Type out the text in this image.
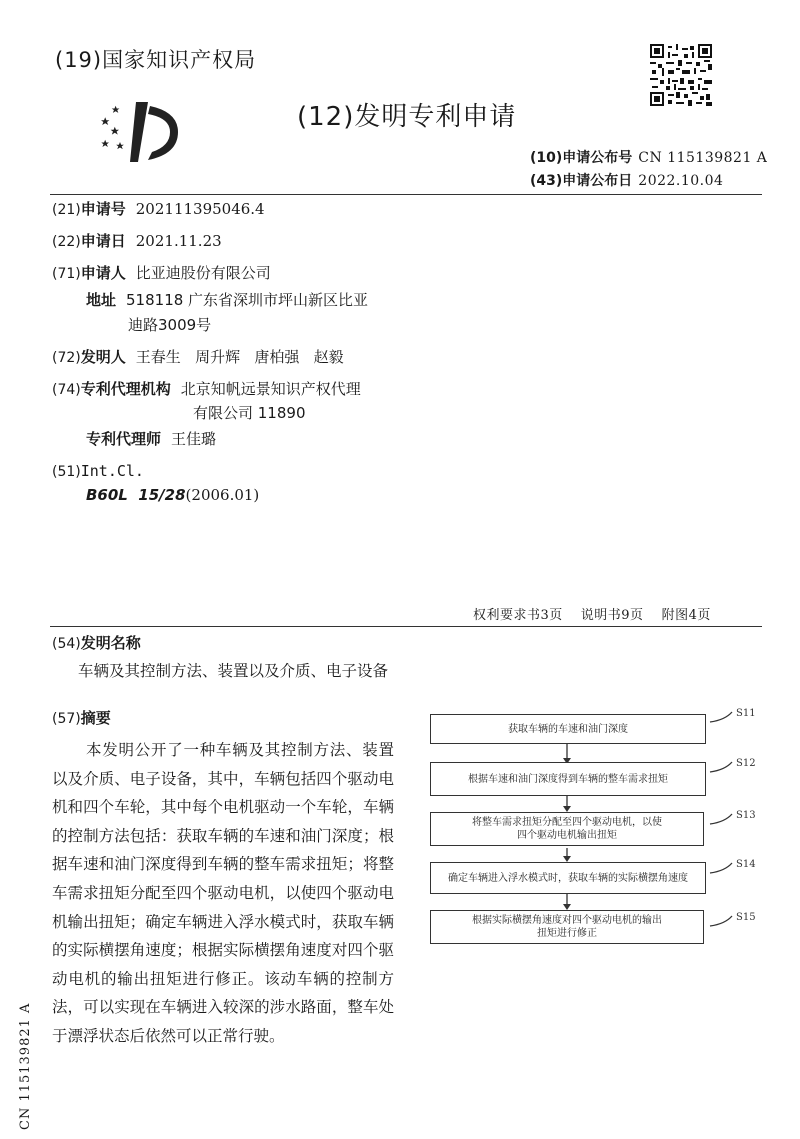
(19)国家知识产权局
(12)发明专利申请
(10)申请公布号 CN 115139821 A
(43)申请公布日 2022.10.04
(21)申请号 202111395046.4
(22)申请日 2021.11.23
(71)申请人 比亚迪股份有限公司
地址 518118 广东省深圳市坪山新区比亚
迪路3009号
(72)发明人 王春生   周升辉   唐柏强   赵毅
(74)专利代理机构 北京知帆远景知识产权代理
有限公司 11890
专利代理师 王佳璐
(51)Int.Cl.
B60L  15/28(2006.01)
权利要求书3页 说明书9页 附图4页
(54)发明名称
车辆及其控制方法、装置以及介质、电子设备
(57)摘要
本发明公开了一种车辆及其控制方法、装置以及介质、电子设备，其中，车辆包括四个驱动电机和四个车轮，其中每个电机驱动一个车轮，车辆的控制方法包括：获取车辆的车速和油门深度；根据车速和油门深度得到车辆的整车需求扭矩；将整车需求扭矩分配至四个驱动电机，以使四个驱动电机输出扭矩；确定车辆进入浮水模式时，获取车辆的实际横摆角速度；根据实际横摆角速度对四个驱动电机的输出扭矩进行修正。该动车辆的控制方法，可以实现在车辆进入较深的涉水路面，整车处于漂浮状态后依然可以正常行驶。
获取车辆的车速和油门深度
根据车速和油门深度得到车辆的整车需求扭矩
将整车需求扭矩分配至四个驱动电机，以使四个驱动电机输出扭矩
确定车辆进入浮水模式时，获取车辆的实际横摆角速度
根据实际横摆角速度对四个驱动电机的输出扭矩进行修正
S11
S12
S13
S14
S15
CN 115139821 A
